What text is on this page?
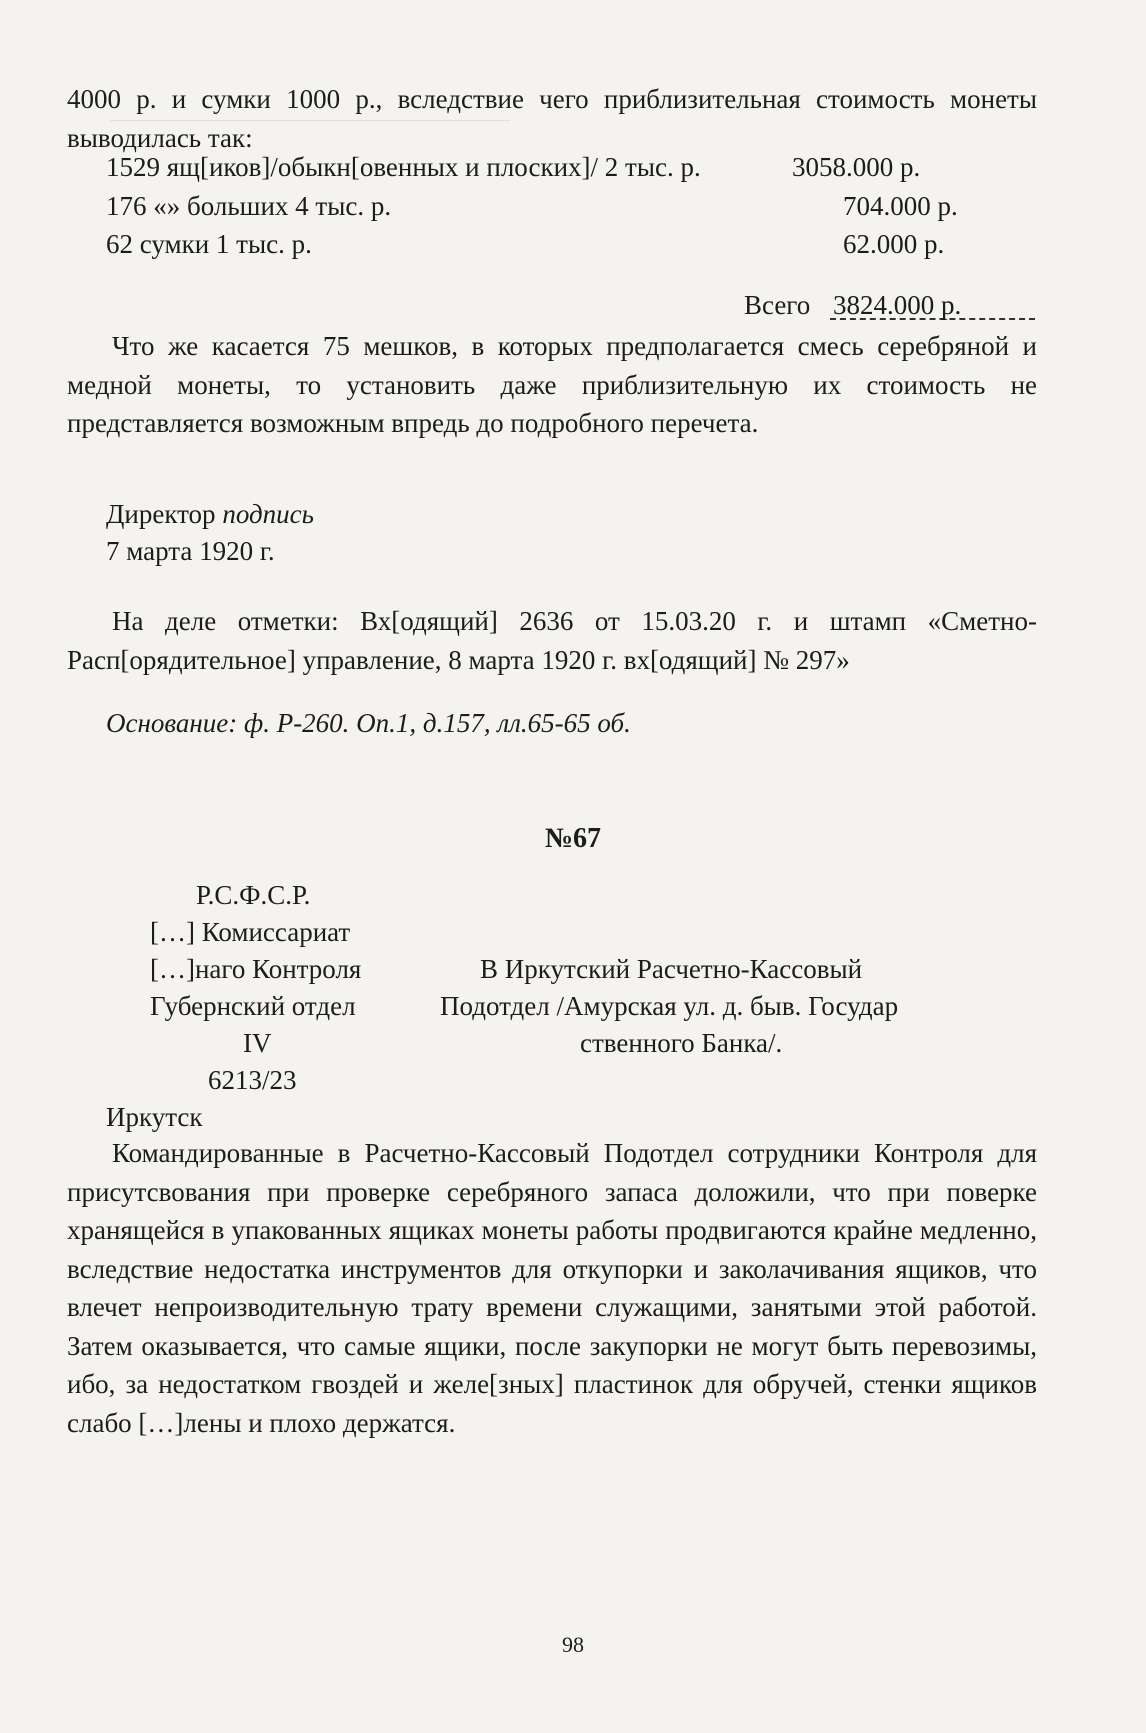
4000 р. и сумки 1000 р., вследствие чего приблизительная стоимость монеты выводилась так:

1529 ящ[иков]/обыкн[овенных и плоских]/ 2 тыс. р.	3058.000 р.
176 «» больших 4 тыс. р.	704.000 р.
62 сумки 1 тыс. р.	62.000 р.
Всего 3824.000 р.

Что же касается 75 мешков, в которых предполагается смесь серебряной и медной монеты, то установить даже приблизительную их стоимость не представляется возможным впредь до подробного перечета.

Директор подпись
7 марта 1920 г.

На деле отметки: Вх[одящий] 2636 от 15.03.20 г. и штамп «Сметно-Расп[орядительное] управление, 8 марта 1920 г. вх[одящий] № 297»

Основание: ф. Р-260. Оп.1, д.157, лл.65-65 об.
№67
Р.С.Ф.С.Р.
[…] Комиссариат
[…]наго Контроля
Губернский отдел
IV
6213/23
В Иркутский Расчетно-Кассовый
Подотдел /Амурская ул. д. быв. Государ
ственного Банка/.
Иркутск

Командированные в Расчетно-Кассовый Подотдел сотрудники Контроля для присутсвования при проверке серебряного запаса доложили, что при поверке хранящейся в упакованных ящиках монеты работы продвигаются крайне медленно, вследствие недостатка инструментов для откупорки и заколачивания ящиков, что влечет непроизводительную трату времени служащими, занятыми этой работой. Затем оказывается, что самые ящики, после закупорки не могут быть перевозимы, ибо, за недостатком гвоздей и желе[зных] пластинок для обручей, стенки ящиков слабо […]лены и плохо держатся.

98
